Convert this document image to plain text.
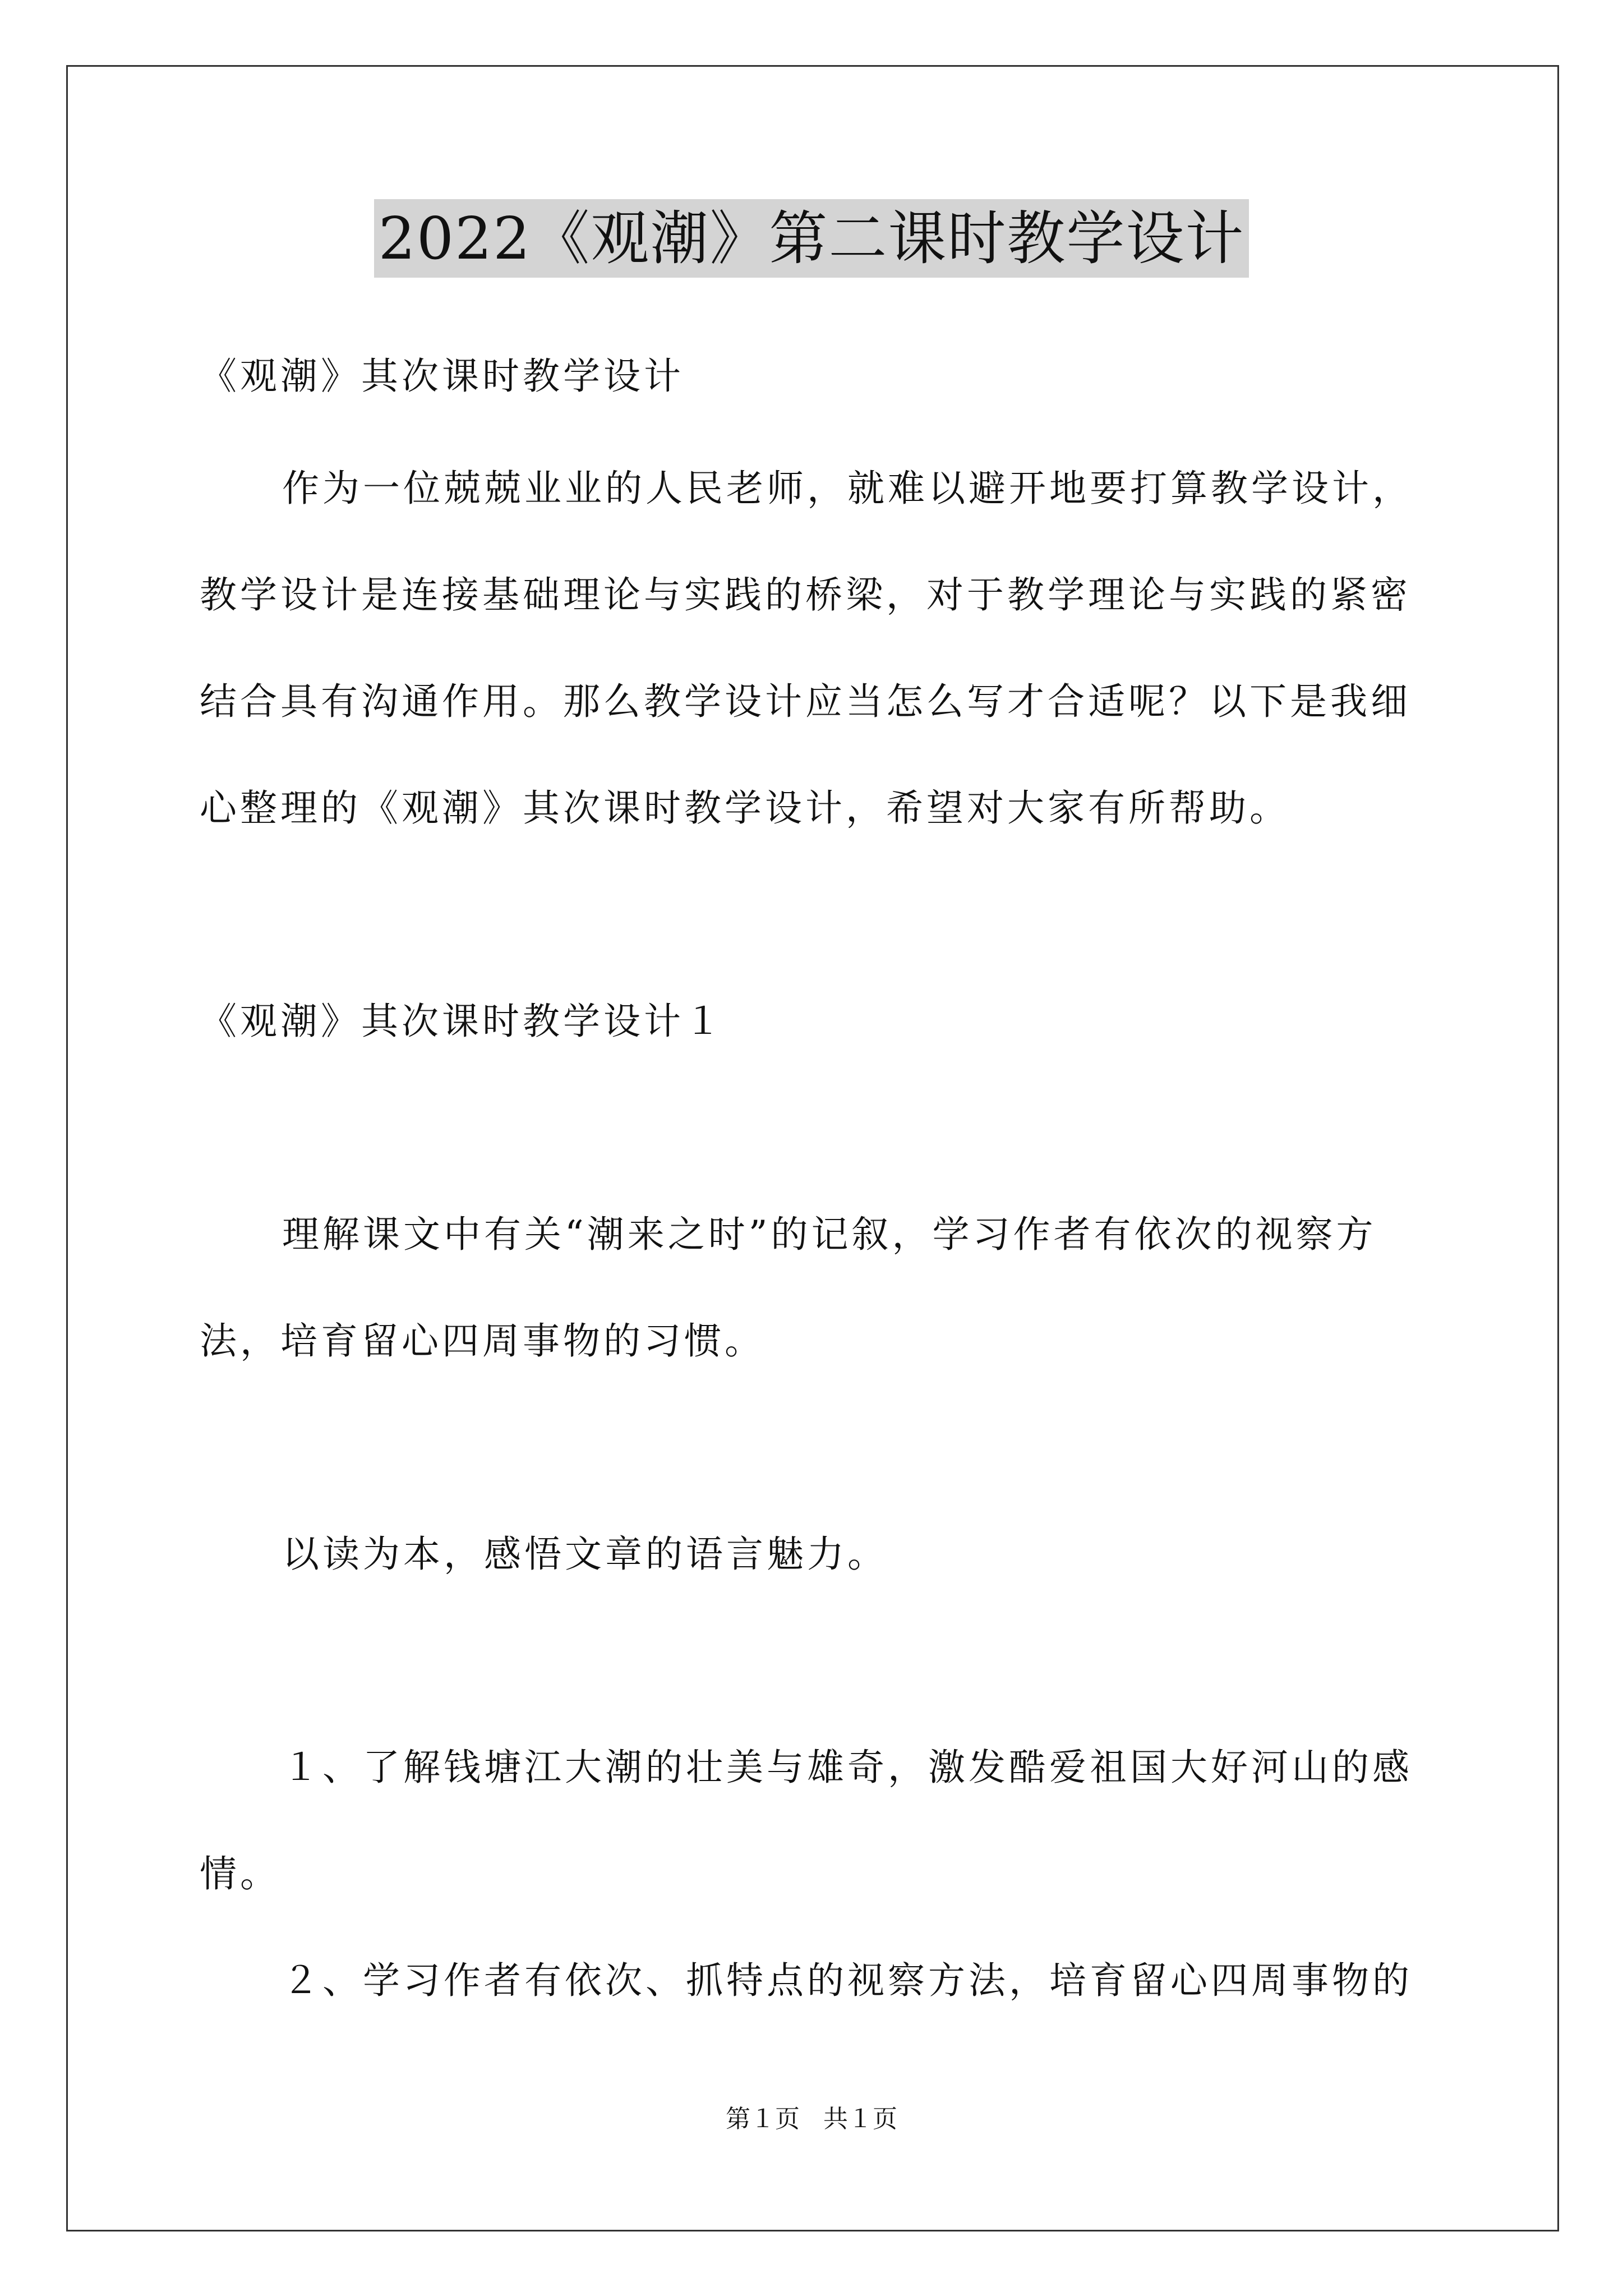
2022《观潮》第二课时教学设计
《观潮》其次课时教学设计
作为一位兢兢业业的人民老师，就难以避开地要打算教学设计，
教学设计是连接基础理论与实践的桥梁，对于教学理论与实践的紧密
结合具有沟通作用。那么教学设计应当怎么写才合适呢？以下是我细
心整理的《观潮》其次课时教学设计，希望对大家有所帮助。
《观潮》其次课时教学设计１
理解课文中有关“潮来之时”的记叙，学习作者有依次的视察方
法，培育留心四周事物的习惯。
以读为本，感悟文章的语言魅力。
１、了解钱塘江大潮的壮美与雄奇，激发酷爱祖国大好河山的感
情。
２、学习作者有依次、抓特点的视察方法，培育留心四周事物的
第１页 共１页
